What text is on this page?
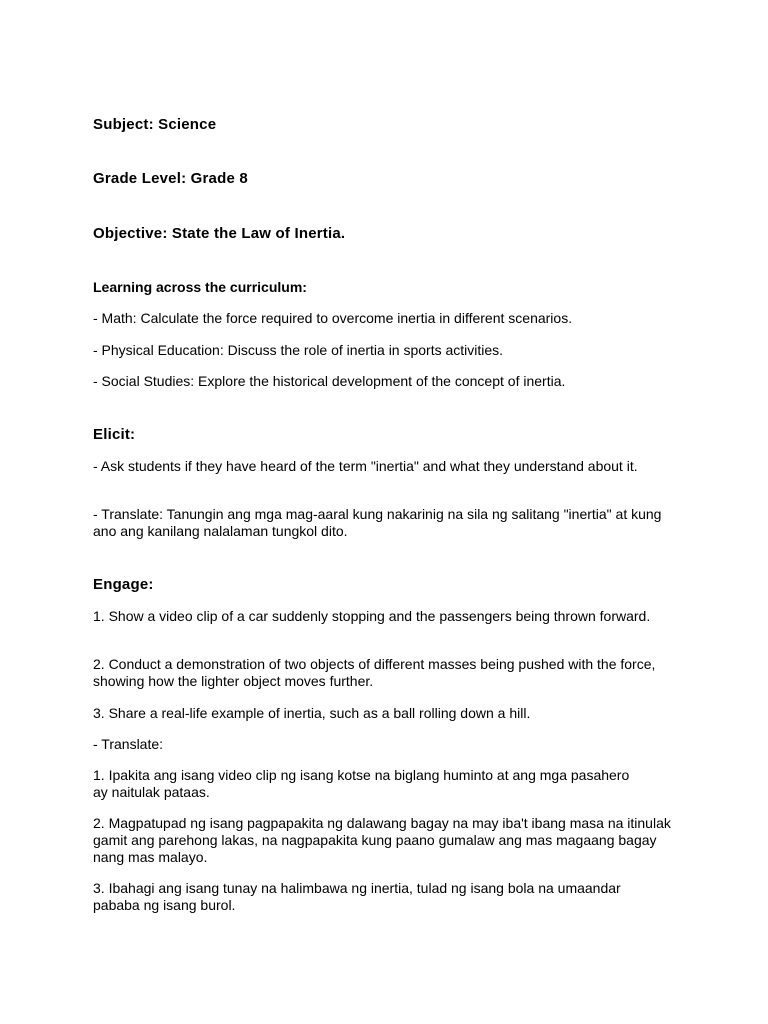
Subject: Science

Grade Level: Grade 8

Objective: State the Law of Inertia.

Learning across the curriculum:

- Math: Calculate the force required to overcome inertia in different scenarios.

- Physical Education: Discuss the role of inertia in sports activities.

- Social Studies: Explore the historical development of the concept of inertia.

Elicit:

- Ask students if they have heard of the term "inertia" and what they understand about it.

- Translate: Tanungin ang mga mag-aaral kung nakarinig na sila ng salitang "inertia" at kung ano ang kanilang nalalaman tungkol dito.

Engage:

1. Show a video clip of a car suddenly stopping and the passengers being thrown forward.

2. Conduct a demonstration of two objects of different masses being pushed with the force, showing how the lighter object moves further.

3. Share a real-life example of inertia, such as a ball rolling down a hill.

- Translate:

1. Ipakita ang isang video clip ng isang kotse na biglang huminto at ang mga pasahero ay naitulak pataas.

2. Magpatupad ng isang pagpapakita ng dalawang bagay na may iba't ibang masa na itinulak gamit ang parehong lakas, na nagpapakita kung paano gumalaw ang mas magaang bagay nang mas malayo.

3. Ibahagi ang isang tunay na halimbawa ng inertia, tulad ng isang bola na umaandar pababa ng isang burol.
